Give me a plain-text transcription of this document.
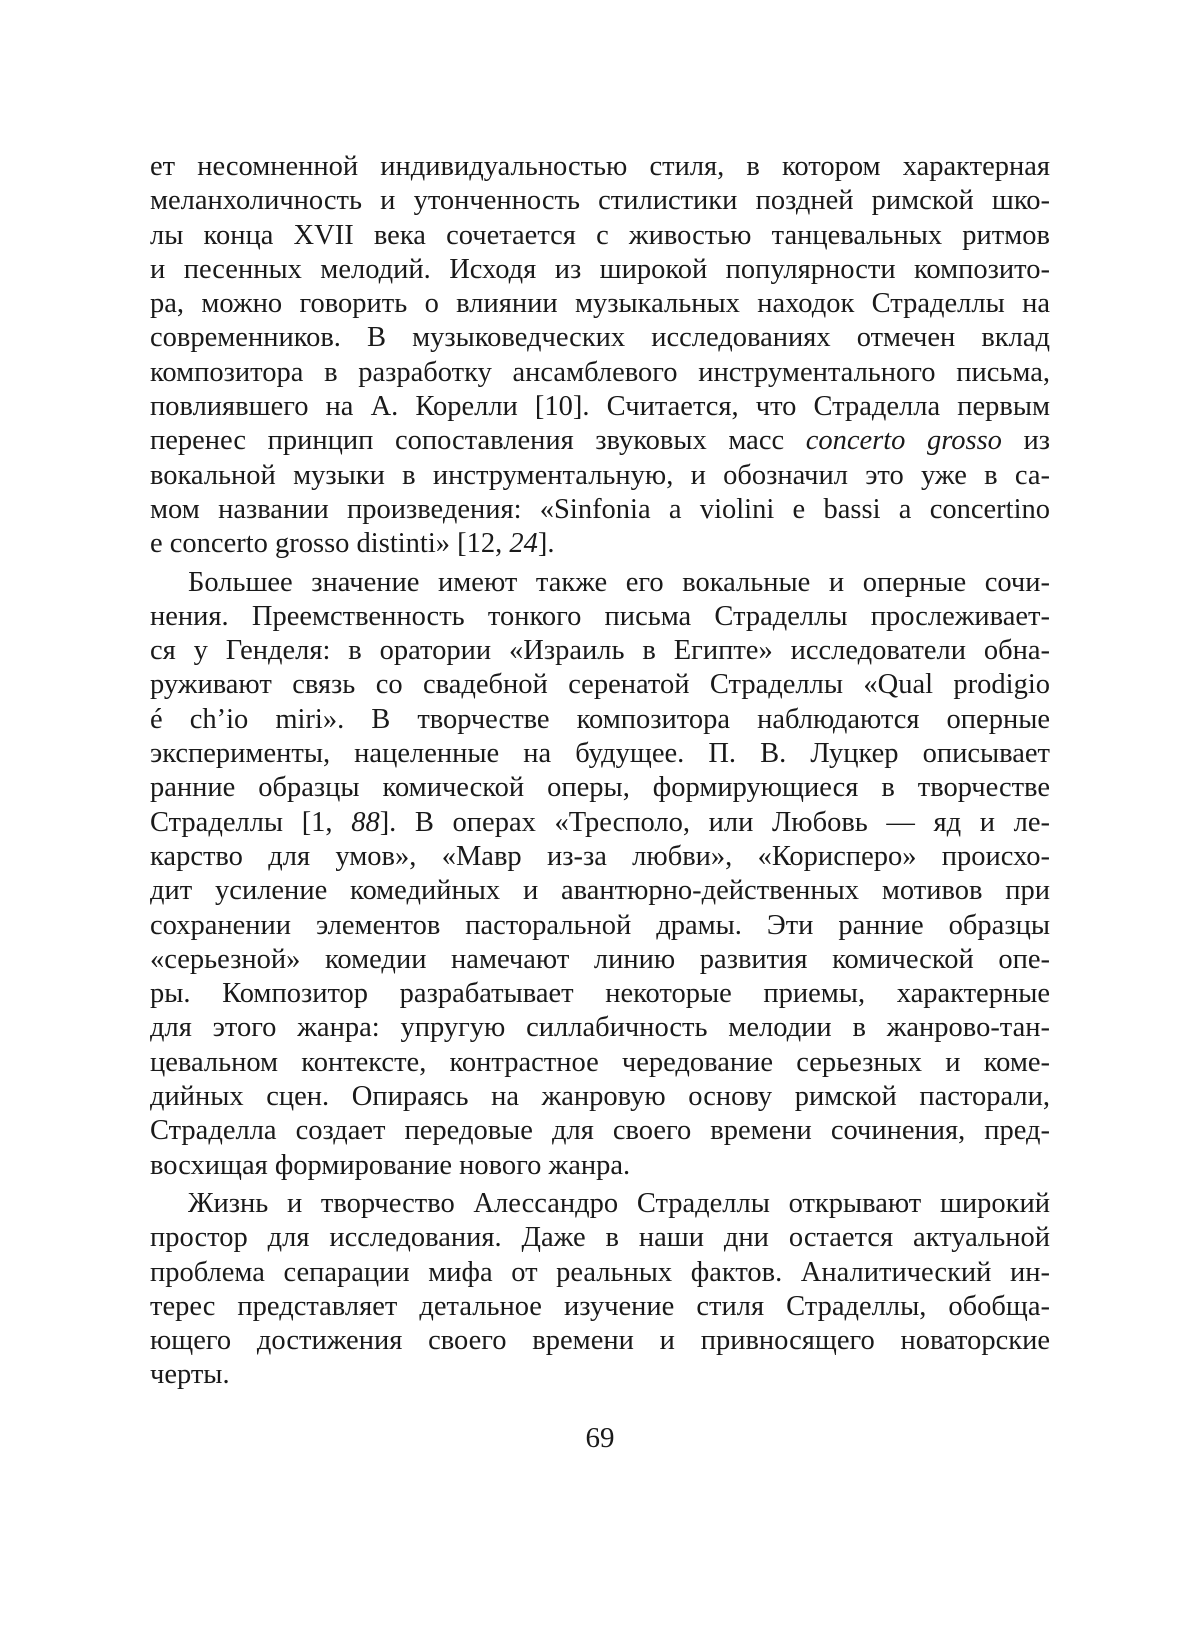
ет несомненной индивидуальностью стиля, в котором характерная
меланхоличность и утонченность стилистики поздней римской шко-
лы конца XVII века сочетается с живостью танцевальных ритмов
и песенных мелодий. Исходя из широкой популярности композито-
ра, можно говорить о влиянии музыкальных находок Страделлы на
современников. В музыковедческих исследованиях отмечен вклад
композитора в разработку ансамблевого инструментального письма,
повлиявшего на А. Корелли [10]. Считается, что Страделла первым
перенес принцип сопоставления звуковых масс concerto grosso из
вокальной музыки в инструментальную, и обозначил это уже в са-
мом названии произведения: «Sinfonia a violini e bassi a concertino
e concerto grosso distinti» [12, 24].
Большее значение имеют также его вокальные и оперные сочи-
нения. Преемственность тонкого письма Страделлы прослеживает-
ся у Генделя: в оратории «Израиль в Египте» исследователи обна-
руживают связь со свадебной серенатой Страделлы «Qual prodigio
é ch’io miri». В творчестве композитора наблюдаются оперные
эксперименты, нацеленные на будущее. П. В. Луцкер описывает
ранние образцы комической оперы, формирующиеся в творчестве
Страделлы [1, 88]. В операх «Тресполо, или Любовь — яд и ле-
карство для умов», «Мавр из-за любви», «Корисперо» происхо-
дит усиление комедийных и авантюрно-действенных мотивов при
сохранении элементов пасторальной драмы. Эти ранние образцы
«серьезной» комедии намечают линию развития комической опе-
ры. Композитор разрабатывает некоторые приемы, характерные
для этого жанра: упругую силлабичность мелодии в жанрово-тан-
цевальном контексте, контрастное чередование серьезных и коме-
дийных сцен. Опираясь на жанровую основу римской пасторали,
Страделла создает передовые для своего времени сочинения, пред-
восхищая формирование нового жанра.
Жизнь и творчество Алессандро Страделлы открывают широкий
простор для исследования. Даже в наши дни остается актуальной
проблема сепарации мифа от реальных фактов. Аналитический ин-
терес представляет детальное изучение стиля Страделлы, обобща-
ющего достижения своего времени и привносящего новаторские
черты.
69
